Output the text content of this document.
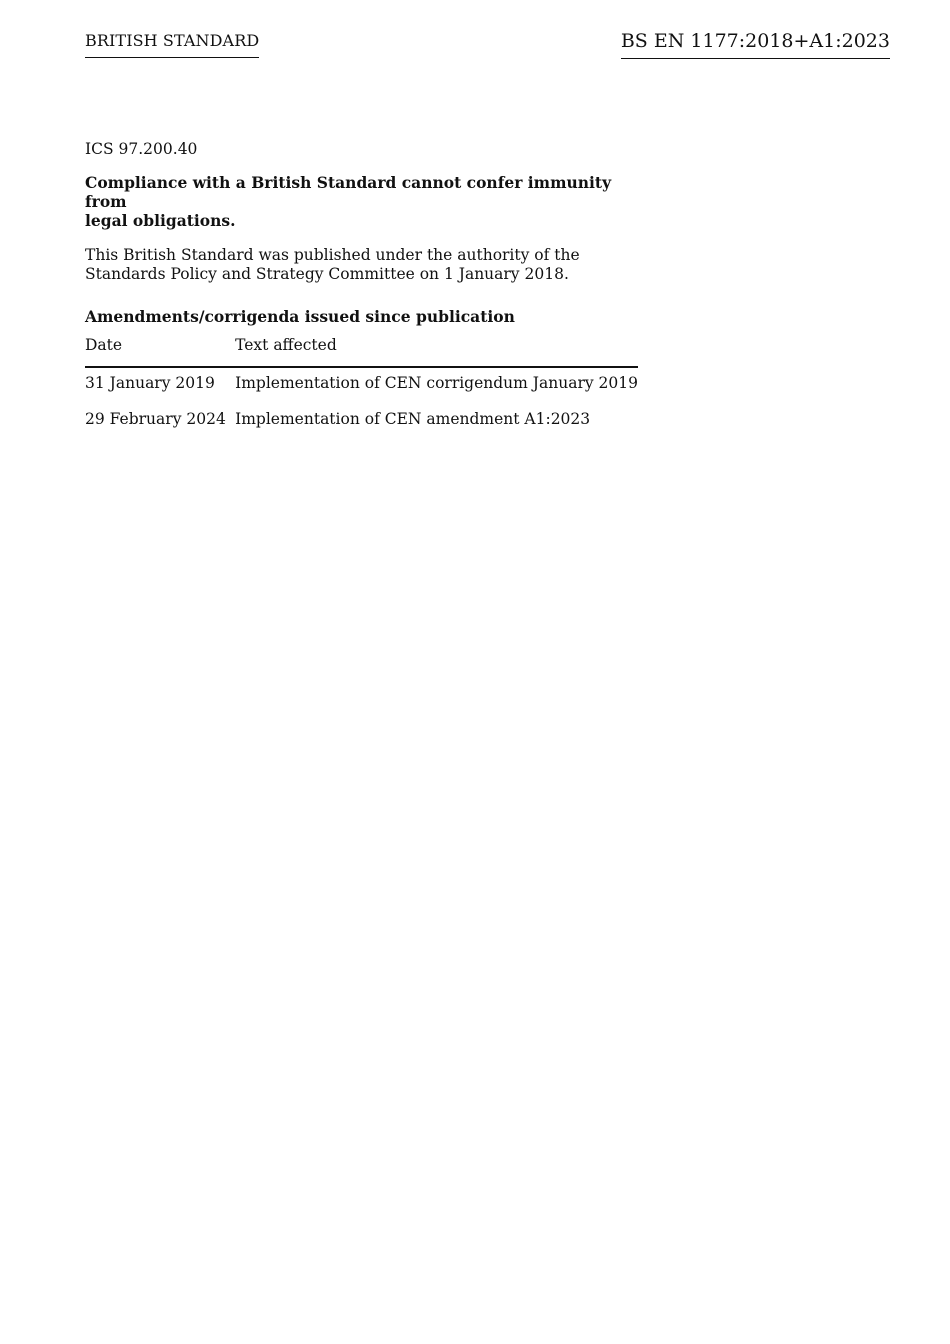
BRITISH STANDARD	BS EN 1177:2018+A1:2023

ICS 97.200.40

Compliance with a British Standard cannot confer immunity from
legal obligations.

This British Standard was published under the authority of the
Standards Policy and Strategy Committee on 1 January 2018.

Amendments/corrigenda issued since publication

Date	Text affected
31 January 2019	Implementation of CEN corrigendum January 2019
29 February 2024	Implementation of CEN amendment A1:2023
